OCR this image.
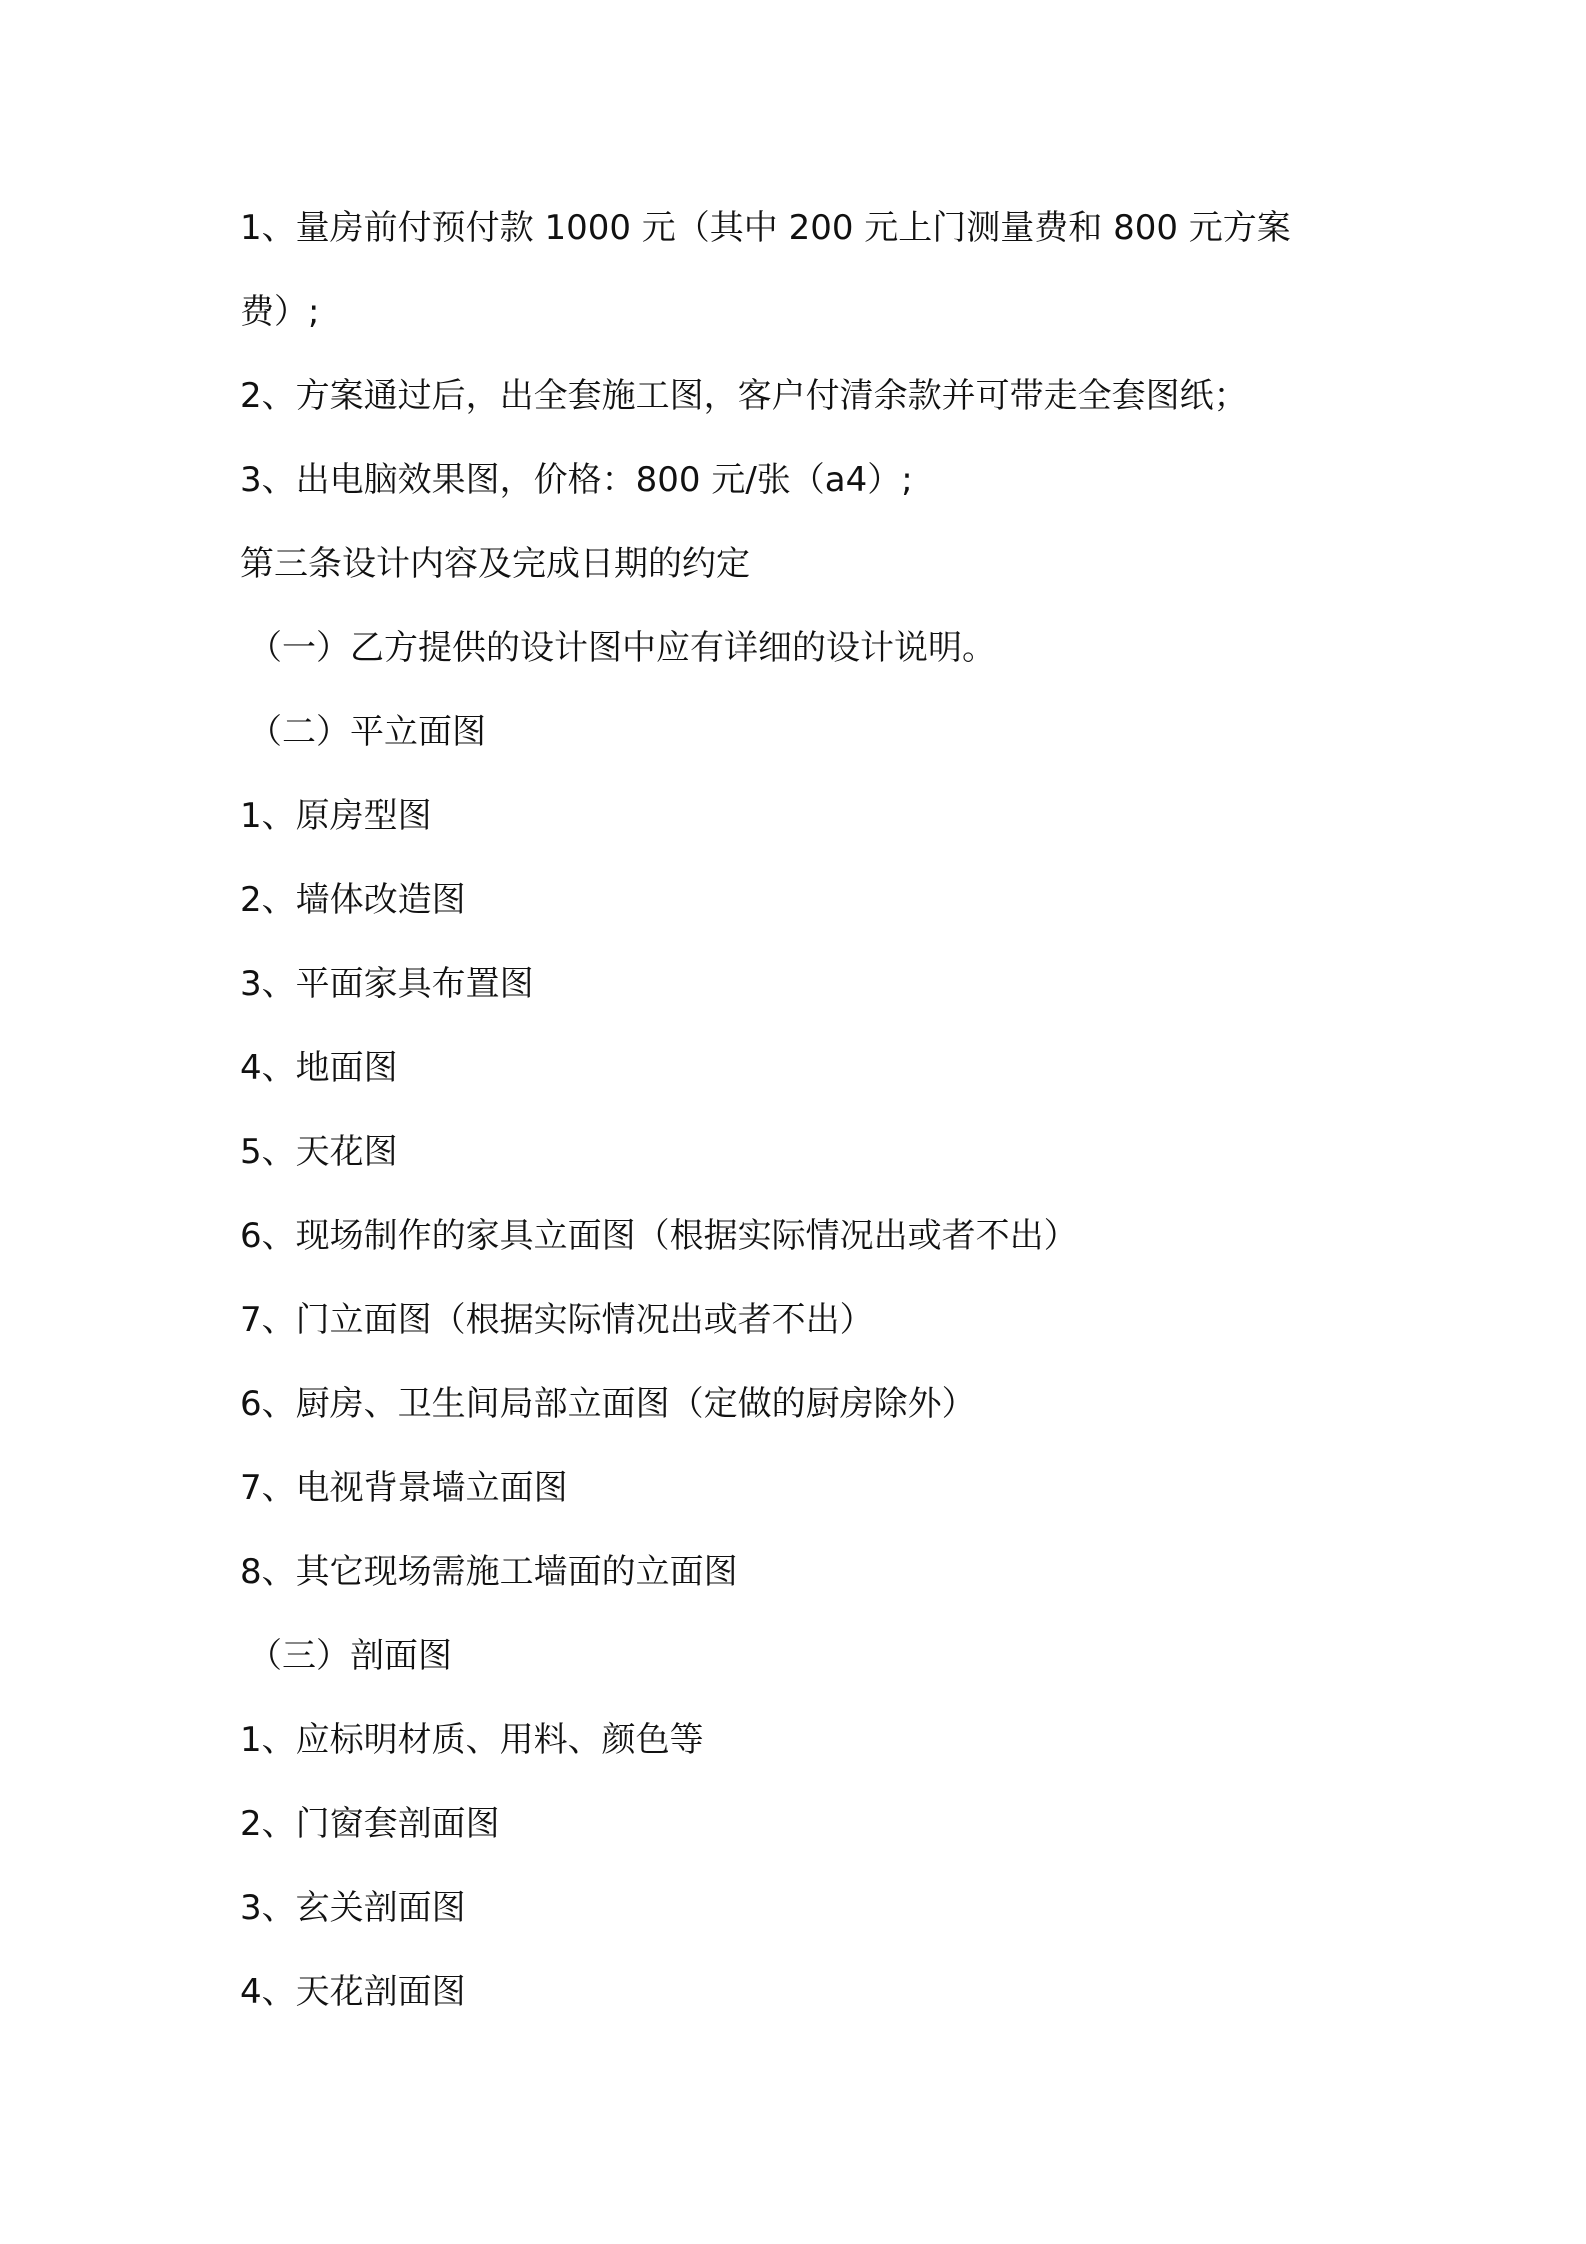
1、量房前付预付款 1000 元（其中 200 元上门测量费和 800 元方案
费）;
2、方案通过后，出全套施工图，客户付清余款并可带走全套图纸；
3、出电脑效果图，价格：800 元/张（a4）;
第三条设计内容及完成日期的约定
（一）乙方提供的设计图中应有详细的设计说明。
（二）平立面图
1、原房型图
2、墙体改造图
3、平面家具布置图
4、地面图
5、天花图
6、现场制作的家具立面图（根据实际情况出或者不出）
7、门立面图（根据实际情况出或者不出）
6、厨房、卫生间局部立面图（定做的厨房除外）
7、电视背景墙立面图
8、其它现场需施工墙面的立面图
（三）剖面图
1、应标明材质、用料、颜色等
2、门窗套剖面图
3、玄关剖面图
4、天花剖面图
